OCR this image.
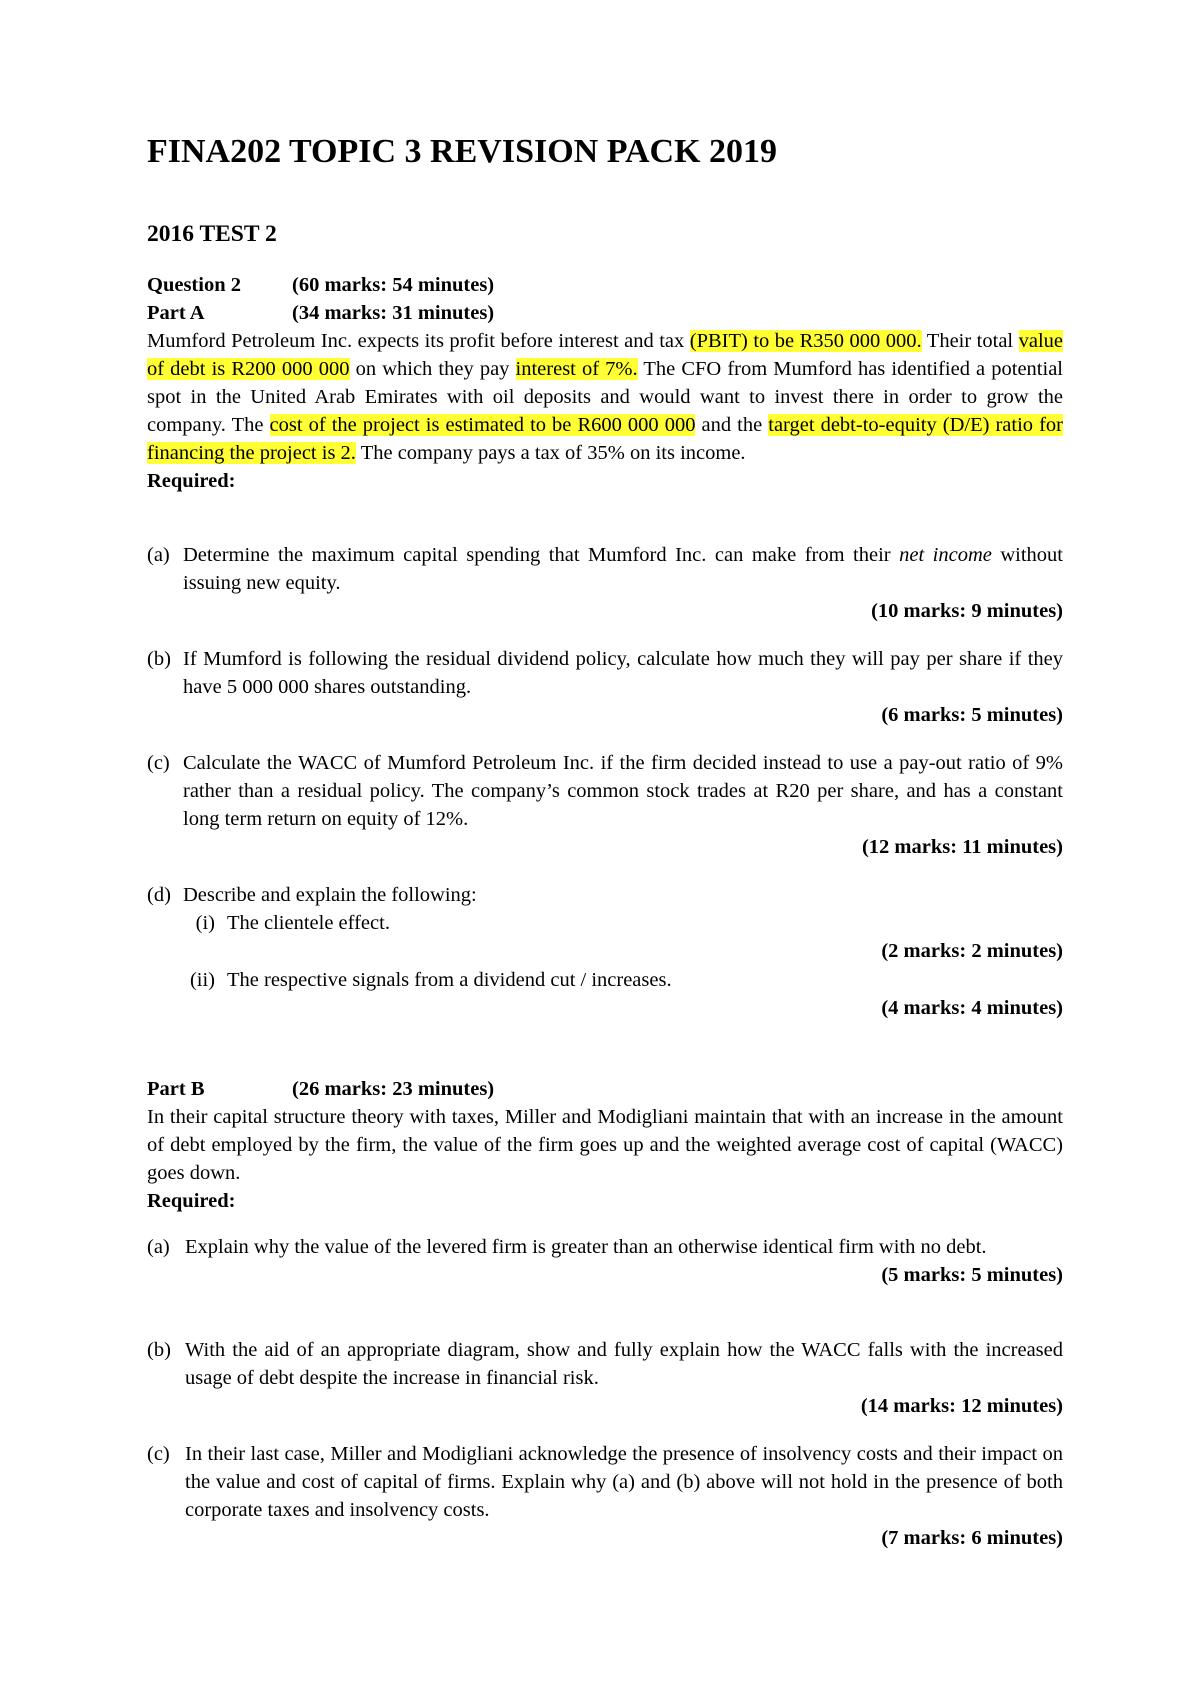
FINA202 TOPIC 3 REVISION PACK 2019
2016 TEST 2
Question 2 (60 marks: 54 minutes)
Part A	(34 marks: 31 minutes)
Mumford Petroleum Inc. expects its profit before interest and tax (PBIT) to be R350 000 000. Their total value of debt is R200 000 000 on which they pay interest of 7%. The CFO from Mumford has identified a potential spot in the United Arab Emirates with oil deposits and would want to invest there in order to grow the company. The cost of the project is estimated to be R600 000 000 and the target debt-to-equity (D/E) ratio for financing the project is 2. The company pays a tax of 35% on its income.
Required:
(a) Determine the maximum capital spending that Mumford Inc. can make from their net income without issuing new equity.
(10 marks: 9 minutes)
(b) If Mumford is following the residual dividend policy, calculate how much they will pay per share if they have 5 000 000 shares outstanding.
(6 marks: 5 minutes)
(c) Calculate the WACC of Mumford Petroleum Inc. if the firm decided instead to use a pay-out ratio of 9% rather than a residual policy. The company’s common stock trades at R20 per share, and has a constant long term return on equity of 12%.
(12 marks: 11 minutes)
(d) Describe and explain the following:
(i) The clientele effect.
(2 marks: 2 minutes)
(ii) The respective signals from a dividend cut / increases.
(4 marks: 4 minutes)
Part B	(26 marks: 23 minutes)
In their capital structure theory with taxes, Miller and Modigliani maintain that with an increase in the amount of debt employed by the firm, the value of the firm goes up and the weighted average cost of capital (WACC) goes down.
Required:
(a) Explain why the value of the levered firm is greater than an otherwise identical firm with no debt.
(5 marks: 5 minutes)
(b) With the aid of an appropriate diagram, show and fully explain how the WACC falls with the increased usage of debt despite the increase in financial risk.
(14 marks: 12 minutes)
(c) In their last case, Miller and Modigliani acknowledge the presence of insolvency costs and their impact on the value and cost of capital of firms. Explain why (a) and (b) above will not hold in the presence of both corporate taxes and insolvency costs.
(7 marks: 6 minutes)
